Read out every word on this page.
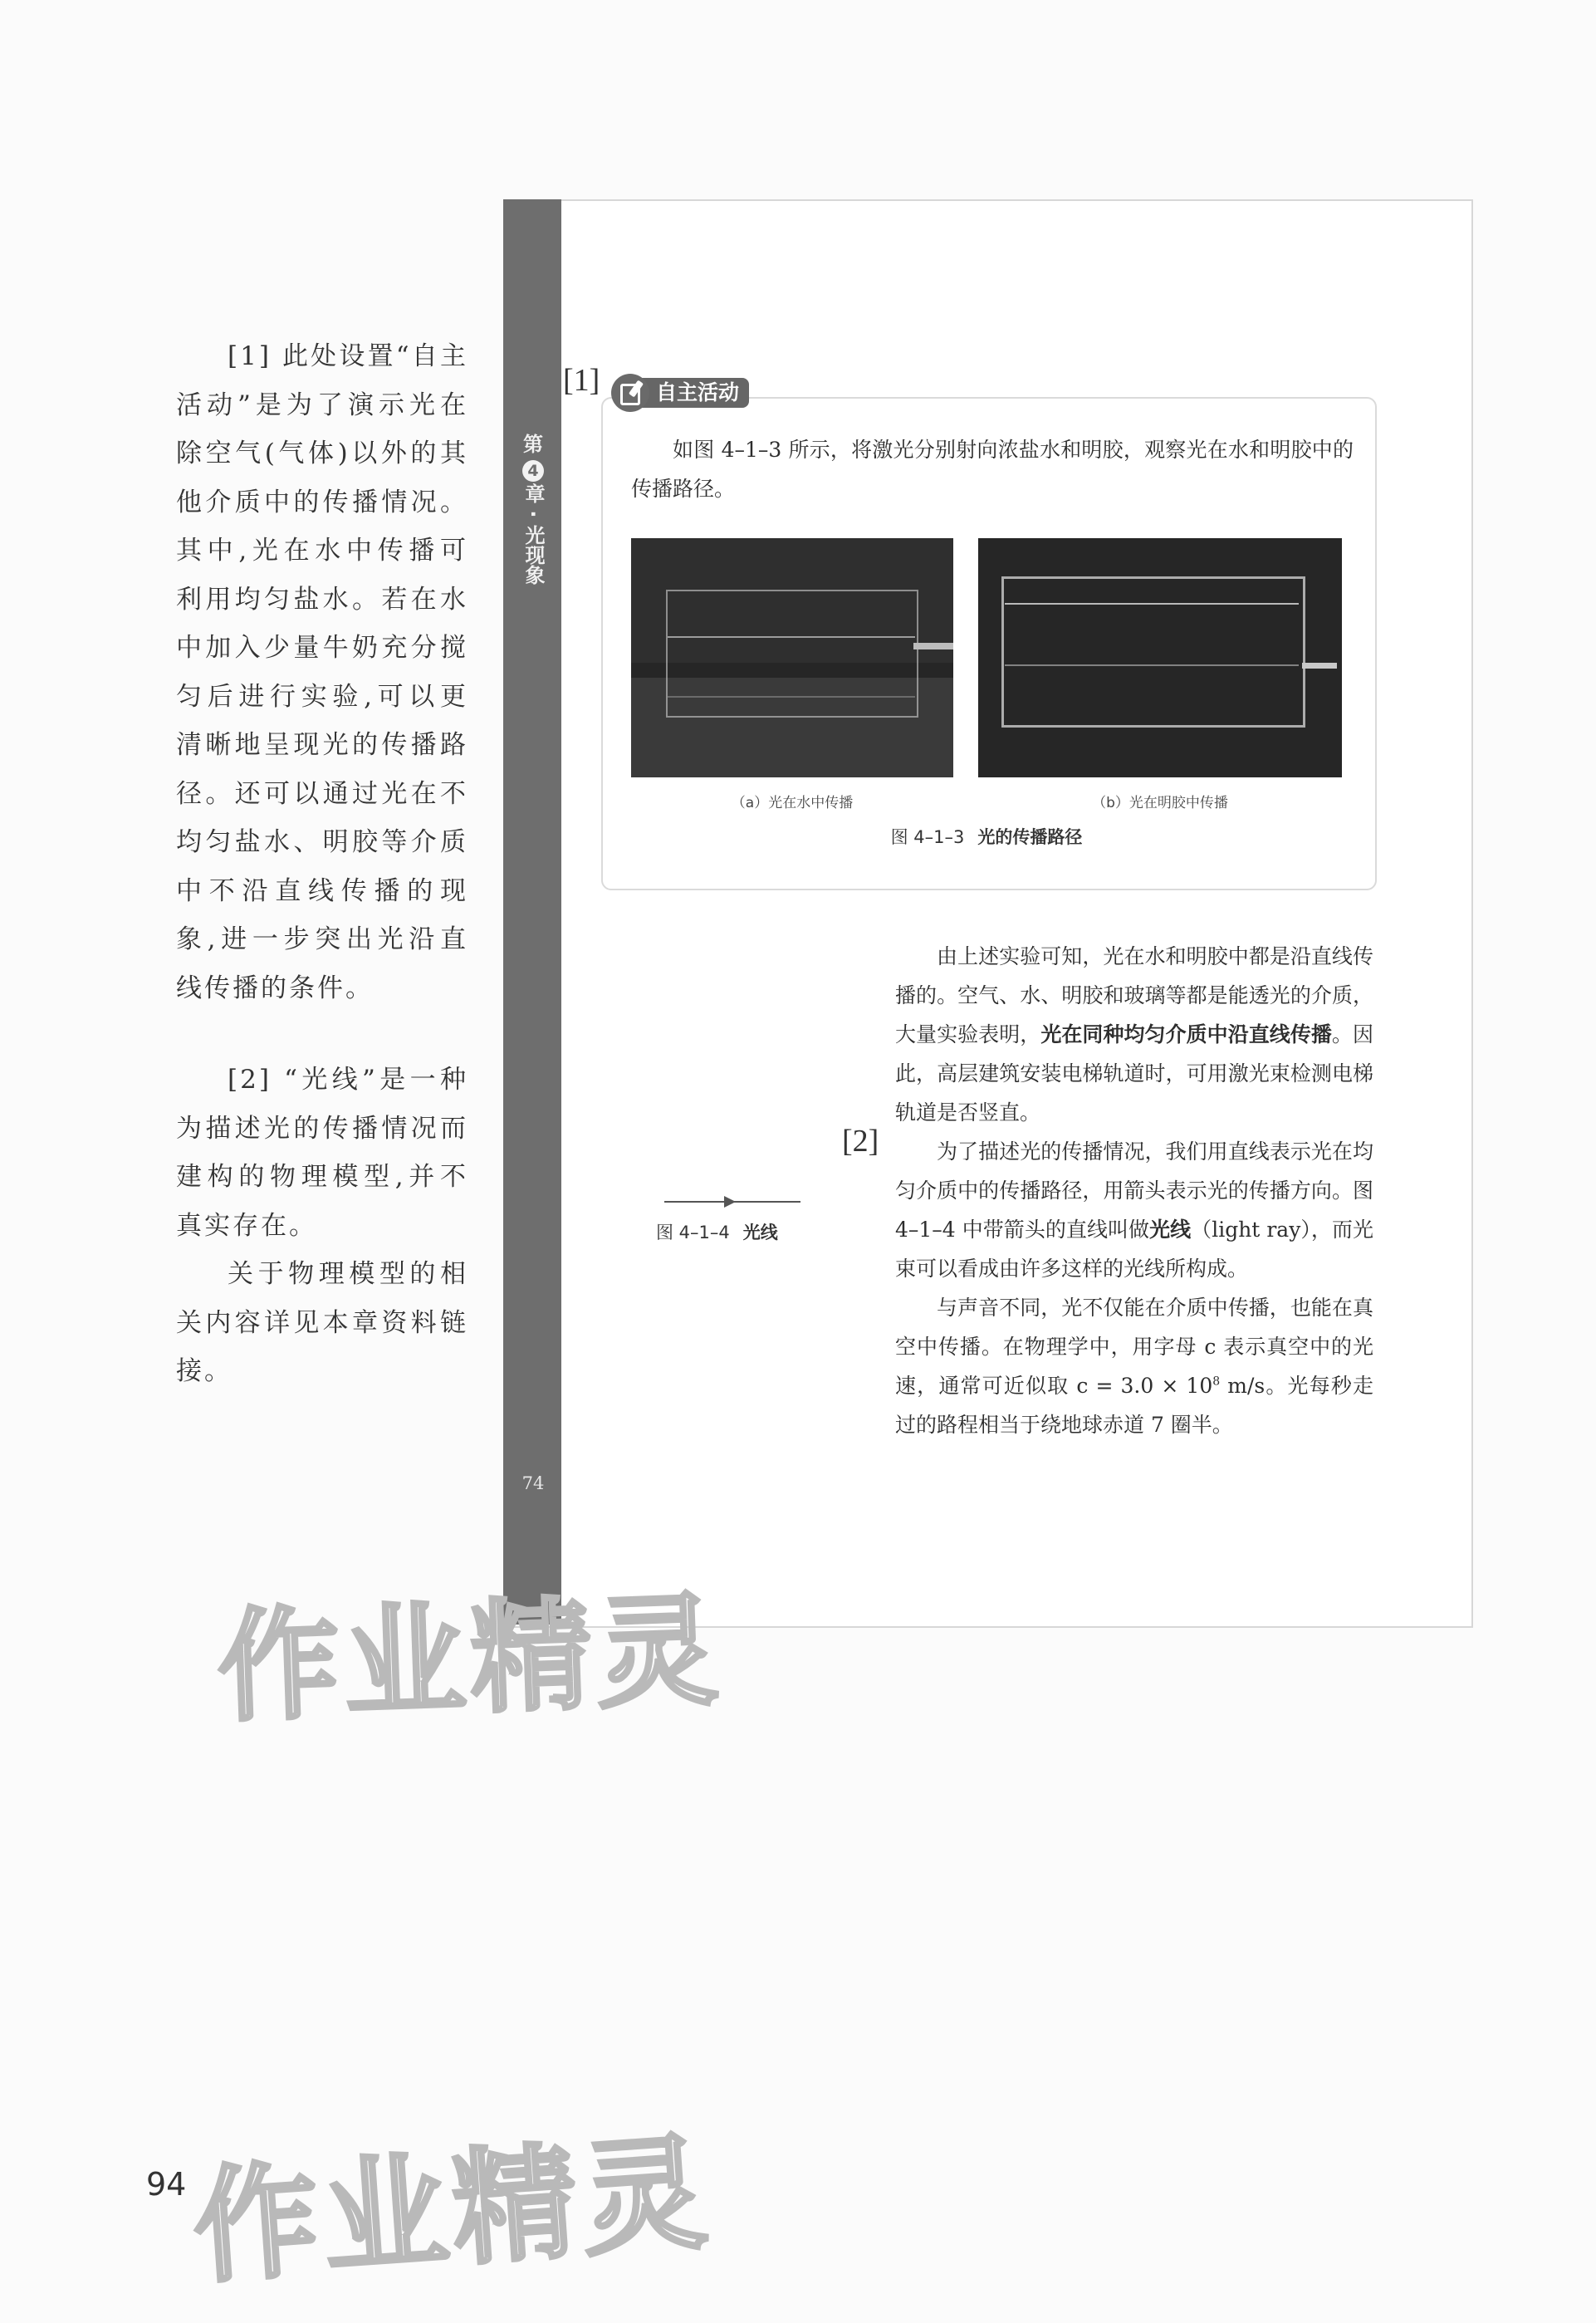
[1] 此处设置“自主活动”是为了演示光在除空气(气体)以外的其他介质中的传播情况。其中,光在水中传播可利用均匀盐水。若在水中加入少量牛奶充分搅匀后进行实验,可以更清晰地呈现光的传播路径。还可以通过光在不均匀盐水、明胶等介质中不沿直线传播的现象,进一步突出光沿直线传播的条件。

[2] “光线”是一种为描述光的传播情况而建构的物理模型,并不真实存在。

关于物理模型的相关内容详见本章资料链接。

第
4
章 · 光现象
74
[1]	自主活动

如图 4–1–3 所示，将激光分别射向浓盐水和明胶，观察光在水和明胶中的传播路径。

（a）光在水中传播	（b）光在明胶中传播
图 4–1–3 光的传播路径

由上述实验可知，光在水和明胶中都是沿直线传播的。空气、水、明胶和玻璃等都是能透光的介质，大量实验表明，光在同种均匀介质中沿直线传播。因此，高层建筑安装电梯轨道时，可用激光束检测电梯轨道是否竖直。

为了描述光的传播情况，我们用直线表示光在均匀介质中的传播路径，用箭头表示光的传播方向。图 4–1–4 中带箭头的直线叫做光线（light ray），而光束可以看成由许多这样的光线所构成。

与声音不同，光不仅能在介质中传播，也能在真空中传播。在物理学中，用字母 c 表示真空中的光速，通常可近似取 $c = 3.0 \times 10^8$ m/s。光每秒走过的路程相当于绕地球赤道 7 圈半。

[2]
图 4–1–4 光线
作业精灵
作业精灵
94
